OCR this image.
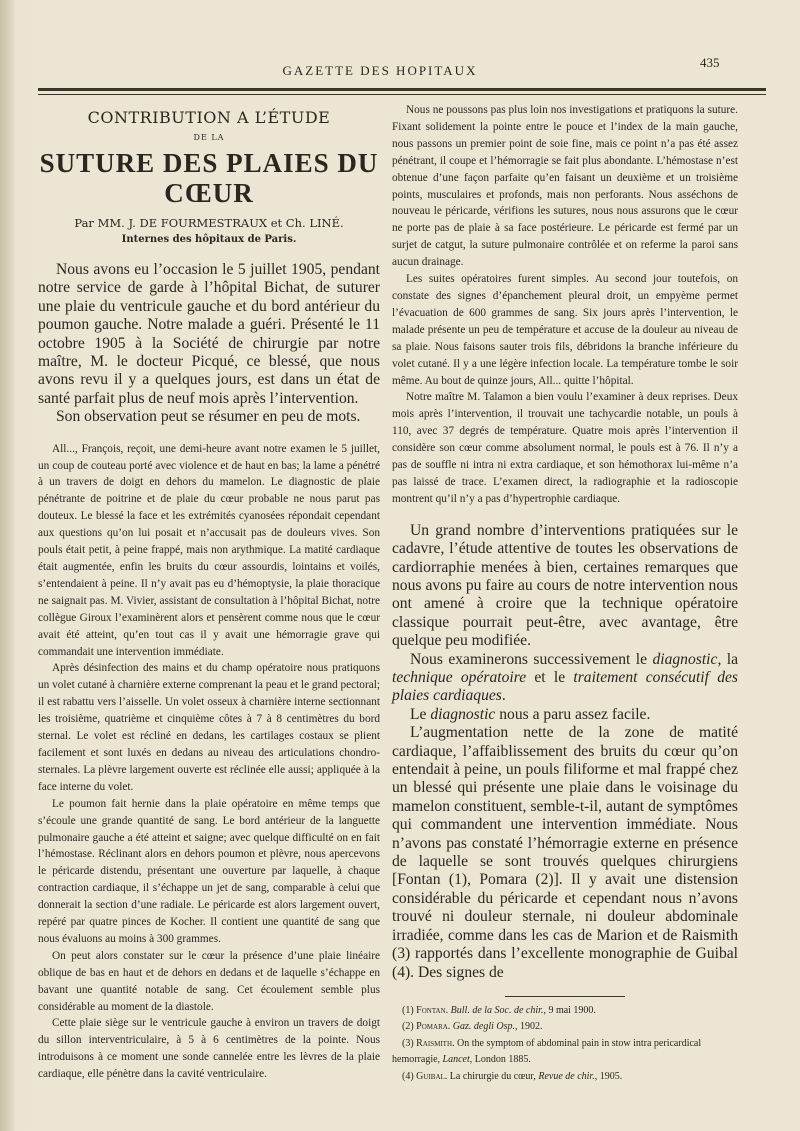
GAZETTE DES HOPITAUX
435
CONTRIBUTION A L’ÉTUDE
DE LA
SUTURE DES PLAIES DU CŒUR
Par MM. J. DE FOURMESTRAUX et Ch. LINÉ.
Internes des hôpitaux de Paris.

Nous avons eu l’occasion le 5 juillet 1905, pendant notre service de garde à l’hôpital Bichat, de suturer une plaie du ventricule gauche et du bord antérieur du poumon gauche. Notre malade a guéri. Présenté le 11 octobre 1905 à la Société de chirurgie par notre maître, M. le docteur Picqué, ce blessé, que nous avons revu il y a quelques jours, est dans un état de santé parfait plus de neuf mois après l’intervention.

Son observation peut se résumer en peu de mots.

All..., François, reçoit, une demi-heure avant notre examen le 5 juillet, un coup de couteau porté avec violence et de haut en bas; la lame a pénétré à un travers de doigt en dehors du mamelon. Le diagnostic de plaie pénétrante de poitrine et de plaie du cœur probable ne nous parut pas douteux. Le blessé la face et les extrémités cyanosées répondait cependant aux questions qu’on lui posait et n’accusait pas de douleurs vives. Son pouls était petit, à peine frappé, mais non arythmique. La matité cardiaque était augmentée, enfin les bruits du cœur assourdis, lointains et voilés, s’entendaient à peine. Il n’y avait pas eu d’hémoptysie, la plaie thoracique ne saignait pas. M. Vivier, assistant de consultation à l’hôpital Bichat, notre collègue Giroux l’examinèrent alors et pensèrent comme nous que le cœur avait été atteint, qu’en tout cas il y avait une hémorragie grave qui commandait une intervention immédiate.

Après désinfection des mains et du champ opératoire nous pratiquons un volet cutané à charnière externe comprenant la peau et le grand pectoral; il est rabattu vers l’aisselle. Un volet osseux à charnière interne sectionnant les troisième, quatrième et cinquième côtes à 7 à 8 centimètres du bord sternal. Le volet est récliné en dedans, les cartilages costaux se plient facilement et sont luxés en dedans au niveau des articulations chondro-sternales. La plèvre largement ouverte est réclinée elle aussi; appliquée à la face interne du volet.

Le poumon fait hernie dans la plaie opératoire en même temps que s’écoule une grande quantité de sang. Le bord antérieur de la languette pulmonaire gauche a été atteint et saigne; avec quelque difficulté on en fait l’hémostase. Réclinant alors en dehors poumon et plèvre, nous apercevons le péricarde distendu, présentant une ouverture par laquelle, à chaque contraction cardiaque, il s’échappe un jet de sang, comparable à celui que donnerait la section d’une radiale. Le péricarde est alors largement ouvert, repéré par quatre pinces de Kocher. Il contient une quantité de sang que nous évaluons au moins à 300 grammes.

On peut alors constater sur le cœur la présence d’une plaie linéaire oblique de bas en haut et de dehors en dedans et de laquelle s’échappe en bavant une quantité notable de sang. Cet écoulement semble plus considérable au moment de la diastole.

Cette plaie siège sur le ventricule gauche à environ un travers de doigt du sillon interventriculaire, à 5 à 6 centimètres de la pointe. Nous introduisons à ce moment une sonde cannelée entre les lèvres de la plaie cardiaque, elle pénètre dans la cavité ventriculaire.

Nous ne poussons pas plus loin nos investigations et pratiquons la suture. Fixant solidement la pointe entre le pouce et l’index de la main gauche, nous passons un premier point de soie fine, mais ce point n’a pas été assez pénétrant, il coupe et l’hémorragie se fait plus abondante. L’hémostase n’est obtenue d’une façon parfaite qu’en faisant un deuxième et un troisième points, musculaires et profonds, mais non perforants. Nous asséchons de nouveau le péricarde, vérifions les sutures, nous nous assurons que le cœur ne porte pas de plaie à sa face postérieure. Le péricarde est fermé par un surjet de catgut, la suture pulmonaire contrôlée et on referme la paroi sans aucun drainage.

Les suites opératoires furent simples. Au second jour toutefois, on constate des signes d’épanchement pleural droit, un empyème permet l’évacuation de 600 grammes de sang. Six jours après l’intervention, le malade présente un peu de température et accuse de la douleur au niveau de sa plaie. Nous faisons sauter trois fils, débridons la branche inférieure du volet cutané. Il y a une légère infection locale. La température tombe le soir même. Au bout de quinze jours, All... quitte l’hôpital.

Notre maître M. Talamon a bien voulu l’examiner à deux reprises. Deux mois après l’intervention, il trouvait une tachycardie notable, un pouls à 110, avec 37 degrés de température. Quatre mois après l’intervention il considère son cœur comme absolument normal, le pouls est à 76. Il n’y a pas de souffle ni intra ni extra cardiaque, et son hémothorax lui-même n’a pas laissé de trace. L’examen direct, la radiographie et la radioscopie montrent qu’il n’y a pas d’hypertrophie cardiaque.

Un grand nombre d’interventions pratiquées sur le cadavre, l’étude attentive de toutes les observations de cardiorraphie menées à bien, certaines remarques que nous avons pu faire au cours de notre intervention nous ont amené à croire que la technique opératoire classique pourrait peut-être, avec avantage, être quelque peu modifiée.

Nous examinerons successivement le diagnostic, la technique opératoire et le traitement consécutif des plaies cardiaques.

Le diagnostic nous a paru assez facile.

L’augmentation nette de la zone de matité cardiaque, l’affaiblissement des bruits du cœur qu’on entendait à peine, un pouls filiforme et mal frappé chez un blessé qui présente une plaie dans le voisinage du mamelon constituent, semble-t-il, autant de symptômes qui commandent une intervention immédiate. Nous n’avons pas constaté l’hémorragie externe en présence de laquelle se sont trouvés quelques chirurgiens [Fontan (1), Pomara (2)]. Il y avait une distension considérable du péricarde et cependant nous n’avons trouvé ni douleur sternale, ni douleur abdominale irradiée, comme dans les cas de Marion et de Raismith (3) rapportés dans l’excellente monographie de Guibal (4). Des signes de

(1) Fontan. Bull. de la Soc. de chir., 9 mai 1900.

(2) Pomara. Gaz. degli Osp., 1902.

(3) Raismith. On the symptom of abdominal pain in stow intra pericardical hemorragie, Lancet, London 1885.

(4) Guibal. La chirurgie du cœur, Revue de chir., 1905.
